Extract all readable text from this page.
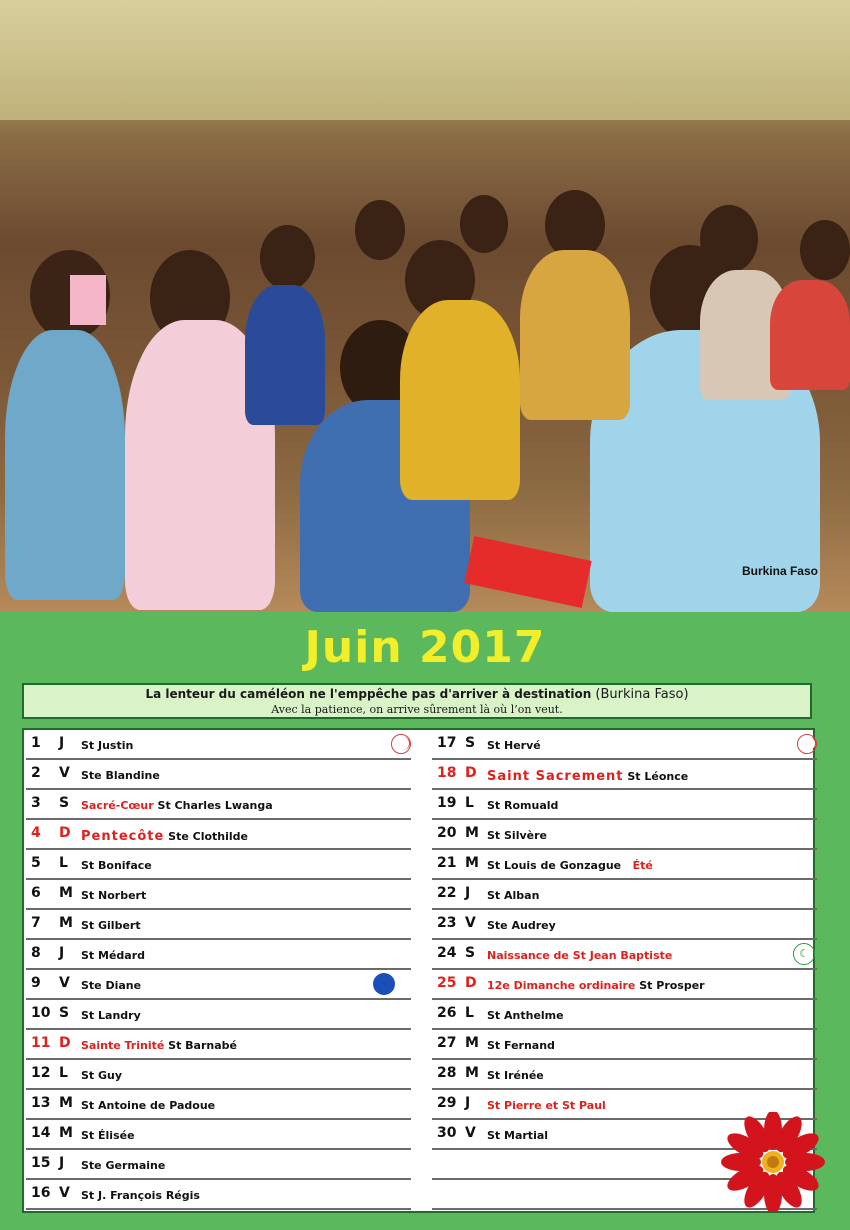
Burkina Faso
Juin 2017
La lenteur du caméléon ne l'emppêche pas d'arriver à destination (Burkina Faso)
Avec la patience, on arrive sûrement là où l’on veut.
1 J St Justin
2 V Ste Blandine
3 S Sacré-Cœur St Charles Lwanga
4 D Pentecôte Ste Clothilde
5 L St Boniface
6 M St Norbert
7 M St Gilbert
8 J St Médard
9 V Ste Diane
10 S St Landry
11 D Sainte Trinité St Barnabé
12 L St Guy
13 M St Antoine de Padoue
14 M St Élisée
15 J Ste Germaine
16 V St J. François Régis
17 S St Hervé
18 D Saint Sacrement St Léonce
19 L St Romuald
20 M St Silvère
21 M St Louis de Gonzague Été
22 J St Alban
23 V Ste Audrey
24 S Naissance de St Jean Baptiste	☾
25 D 12e Dimanche ordinaire St Prosper
26 L St Anthelme
27 M St Fernand
28 M St Irénée
29 J St Pierre et St Paul
30 V St Martial
